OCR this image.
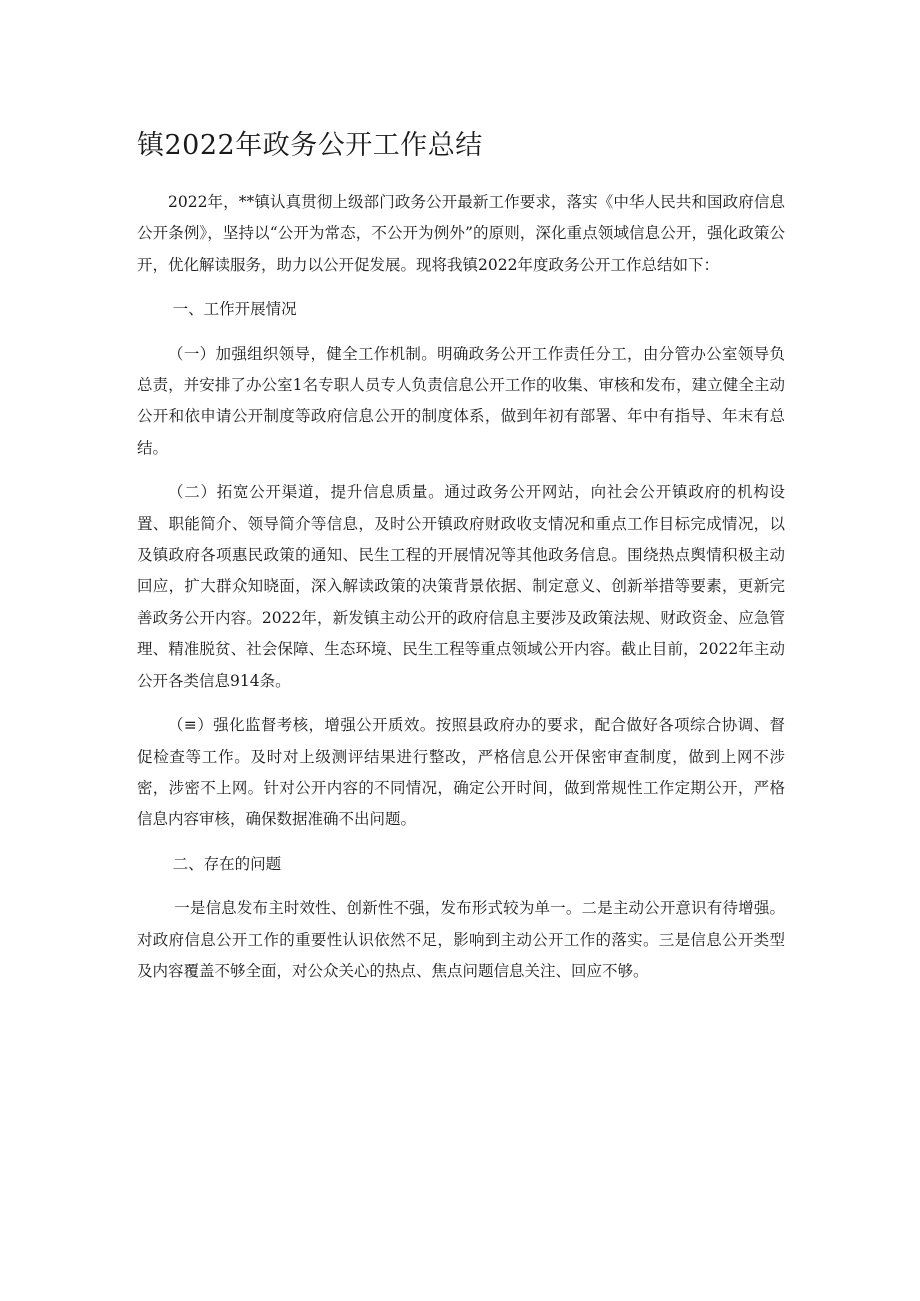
镇2022年政务公开工作总结

2022年，**镇认真贯彻上级部门政务公开最新工作要求，落实《中华人民共和国政府信息公开条例》，坚持以“公开为常态，不公开为例外”的原则，深化重点领域信息公开，强化政策公开，优化解读服务，助力以公开促发展。现将我镇2022年度政务公开工作总结如下：

一、工作开展情况

（一）加强组织领导，健全工作机制。明确政务公开工作责任分工，由分管办公室领导负总责，并安排了办公室1名专职人员专人负责信息公开工作的收集、审核和发布，建立健全主动公开和依申请公开制度等政府信息公开的制度体系，做到年初有部署、年中有指导、年末有总结。

（二）拓宽公开渠道，提升信息质量。通过政务公开网站，向社会公开镇政府的机构设置、职能简介、领导简介等信息，及时公开镇政府财政收支情况和重点工作目标完成情况，以及镇政府各项惠民政策的通知、民生工程的开展情况等其他政务信息。围绕热点舆情积极主动回应，扩大群众知晓面，深入解读政策的决策背景依据、制定意义、创新举措等要素，更新完善政务公开内容。2022年，新发镇主动公开的政府信息主要涉及政策法规、财政资金、应急管理、精准脱贫、社会保障、生态环境、民生工程等重点领域公开内容。截止目前，2022年主动公开各类信息914条。

（≡）强化监督考核，增强公开质效。按照县政府办的要求，配合做好各项综合协调、督促检查等工作。及时对上级测评结果进行整改，严格信息公开保密审查制度，做到上网不涉密，涉密不上网。针对公开内容的不同情况，确定公开时间，做到常规性工作定期公开，严格信息内容审核，确保数据准确不出问题。

二、存在的问题

一是信息发布主时效性、创新性不强，发布形式较为单一。二是主动公开意识有待增强。对政府信息公开工作的重要性认识依然不足，影响到主动公开工作的落实。三是信息公开类型及内容覆盖不够全面，对公众关心的热点、焦点问题信息关注、回应不够。
